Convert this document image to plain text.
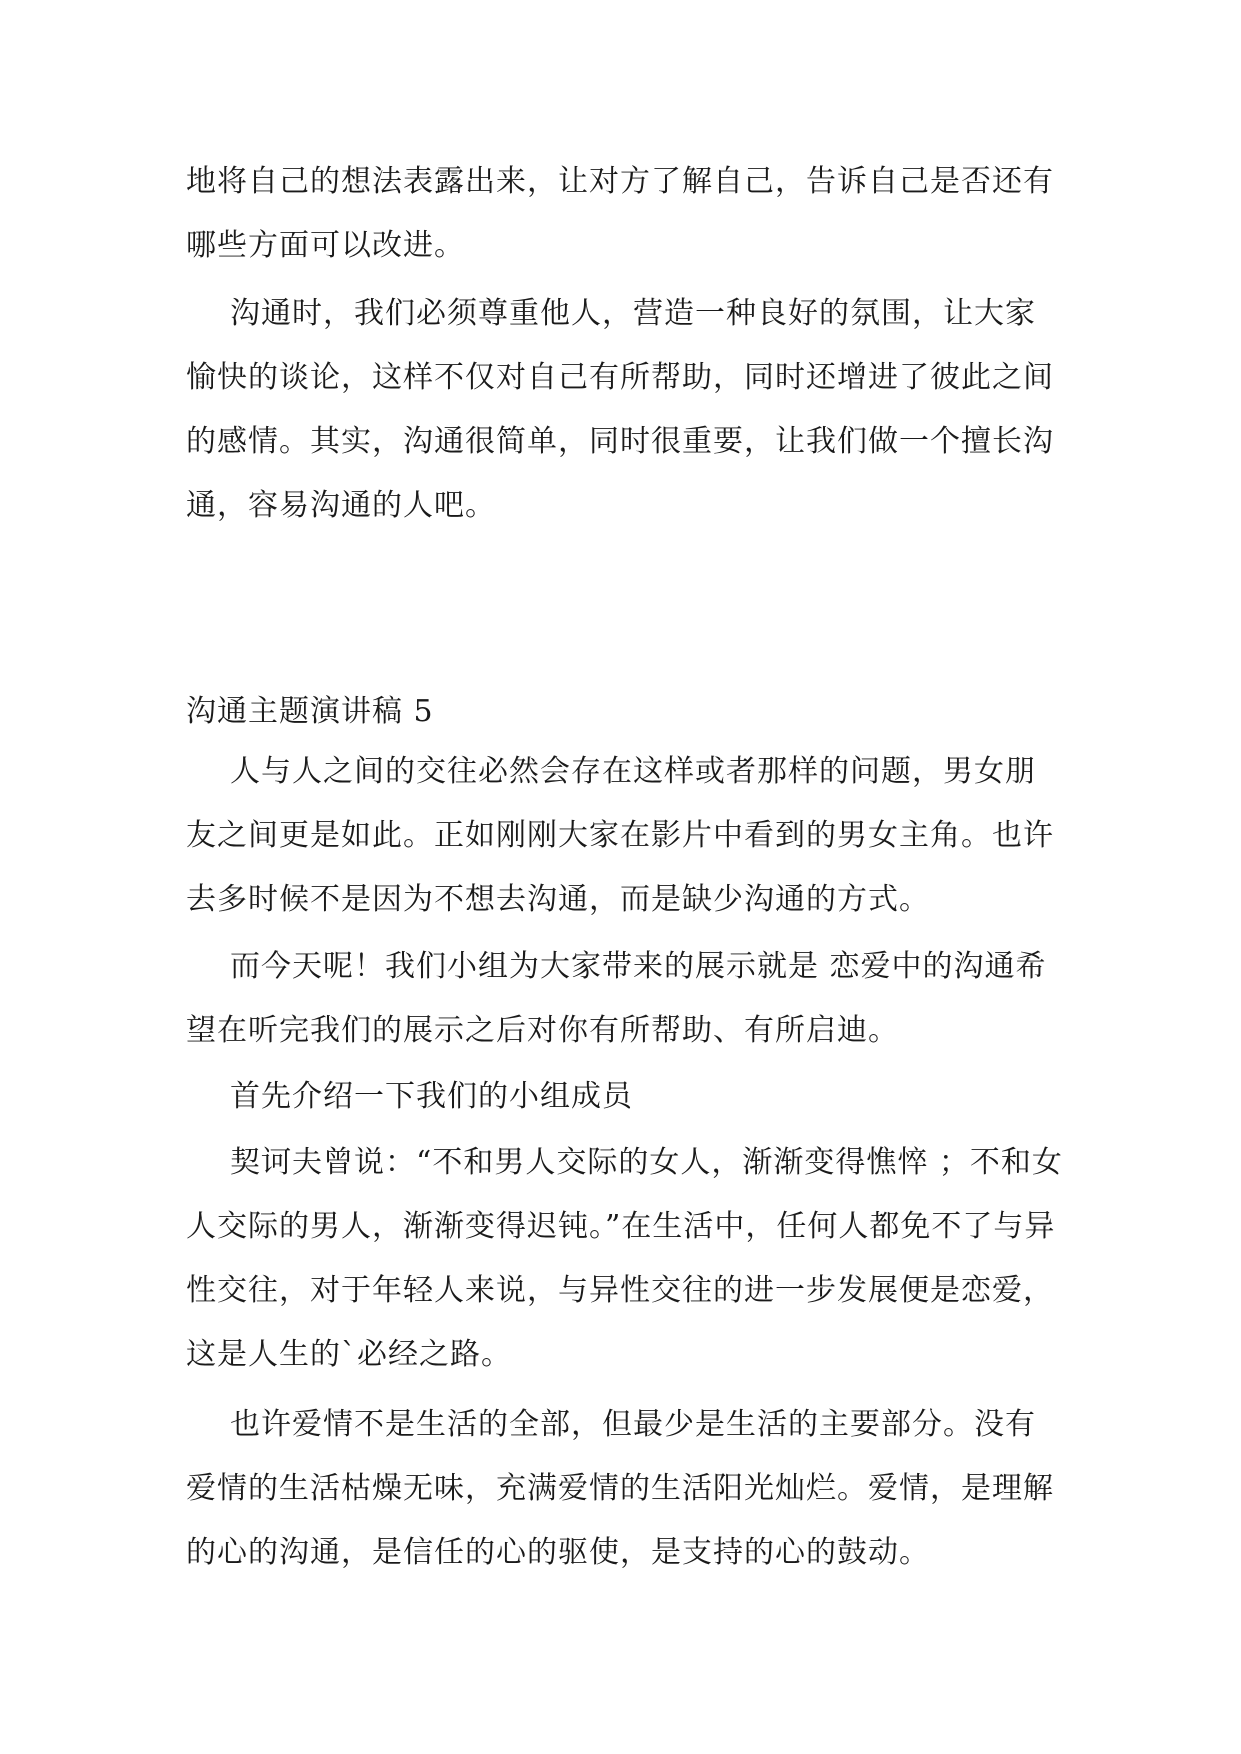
地将自己的想法表露出来，让对方了解自己，告诉自己是否还有哪些方面可以改进。

沟通时，我们必须尊重他人，营造一种良好的氛围，让大家愉快的谈论，这样不仅对自己有所帮助，同时还增进了彼此之间的感情。其实，沟通很简单，同时很重要，让我们做一个擅长沟通，容易沟通的人吧。

沟通主题演讲稿 5

人与人之间的交往必然会存在这样或者那样的问题，男女朋友之间更是如此。正如刚刚大家在影片中看到的男女主角。也许去多时候不是因为不想去沟通，而是缺少沟通的方式。

而今天呢！我们小组为大家带来的展示就是 恋爱中的沟通希望在听完我们的展示之后对你有所帮助、有所启迪。

首先介绍一下我们的小组成员

契诃夫曾说：“不和男人交际的女人，渐渐变得憔悴 ；不和女人交际的男人，渐渐变得迟钝。”在生活中，任何人都免不了与异性交往，对于年轻人来说，与异性交往的进一步发展便是恋爱，这是人生的`必经之路。

也许爱情不是生活的全部，但最少是生活的主要部分。没有爱情的生活枯燥无味，充满爱情的生活阳光灿烂。爱情，是理解的心的沟通，是信任的心的驱使，是支持的心的鼓动。
